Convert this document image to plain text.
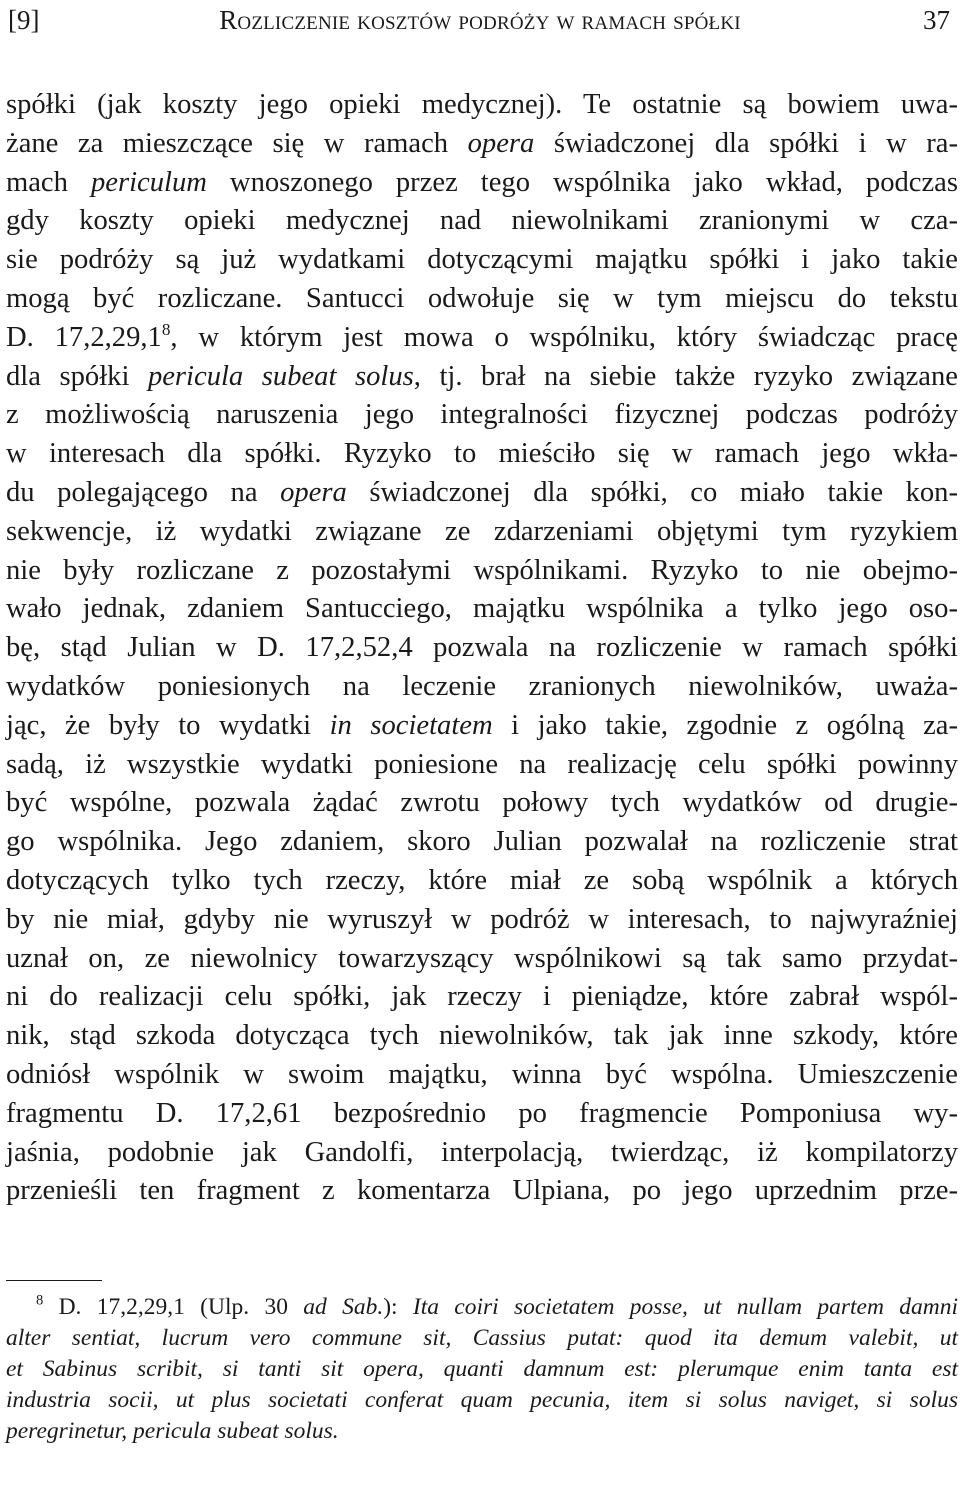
[9]	Rozliczenie kosztów podróży w ramach spółki	37
spółki (jak koszty jego opieki medycznej). Te ostatnie są bowiem uwa-
żane za mieszczące się w ramach opera świadczonej dla spółki i w ra-
mach periculum wnoszonego przez tego wspólnika jako wkład, podczas
gdy koszty opieki medycznej nad niewolnikami zranionymi w cza-
sie podróży są już wydatkami dotyczącymi majątku spółki i jako takie
mogą być rozliczane. Santucci odwołuje się w tym miejscu do tekstu
D. 17,2,29,1$^8$, w którym jest mowa o wspólniku, który świadcząc pracę
dla spółki pericula subeat solus, tj. brał na siebie także ryzyko związane
z możliwością naruszenia jego integralności fizycznej podczas podróży
w interesach dla spółki. Ryzyko to mieściło się w ramach jego wkła-
du polegającego na opera świadczonej dla spółki, co miało takie kon-
sekwencje, iż wydatki związane ze zdarzeniami objętymi tym ryzykiem
nie były rozliczane z pozostałymi wspólnikami. Ryzyko to nie obejmo-
wało jednak, zdaniem Santucciego, majątku wspólnika a tylko jego oso-
bę, stąd Julian w D. 17,2,52,4 pozwala na rozliczenie w ramach spółki
wydatków poniesionych na leczenie zranionych niewolników, uważa-
jąc, że były to wydatki in societatem i jako takie, zgodnie z ogólną za-
sadą, iż wszystkie wydatki poniesione na realizację celu spółki powinny
być wspólne, pozwala żądać zwrotu połowy tych wydatków od drugie-
go wspólnika. Jego zdaniem, skoro Julian pozwalał na rozliczenie strat
dotyczących tylko tych rzeczy, które miał ze sobą wspólnik a których
by nie miał, gdyby nie wyruszył w podróż w interesach, to najwyraźniej
uznał on, ze niewolnicy towarzyszący wspólnikowi są tak samo przydat-
ni do realizacji celu spółki, jak rzeczy i pieniądze, które zabrał wspól-
nik, stąd szkoda dotycząca tych niewolników, tak jak inne szkody, które
odniósł wspólnik w swoim majątku, winna być wspólna. Umieszczenie
fragmentu D. 17,2,61 bezpośrednio po fragmencie Pomponiusa wy-
jaśnia, podobnie jak Gandolfi, interpolacją, twierdząc, iż kompilatorzy
przenieśli ten fragment z komentarza Ulpiana, po jego uprzednim prze-
$^8$ D. 17,2,29,1 (Ulp. 30 ad Sab.): Ita coiri societatem posse, ut nullam partem damni
alter sentiat, lucrum vero commune sit, Cassius putat: quod ita demum valebit, ut
et Sabinus scribit, si tanti sit opera, quanti damnum est: plerumque enim tanta est
industria socii, ut plus societati conferat quam pecunia, item si solus naviget, si solus
peregrinetur, pericula subeat solus.
